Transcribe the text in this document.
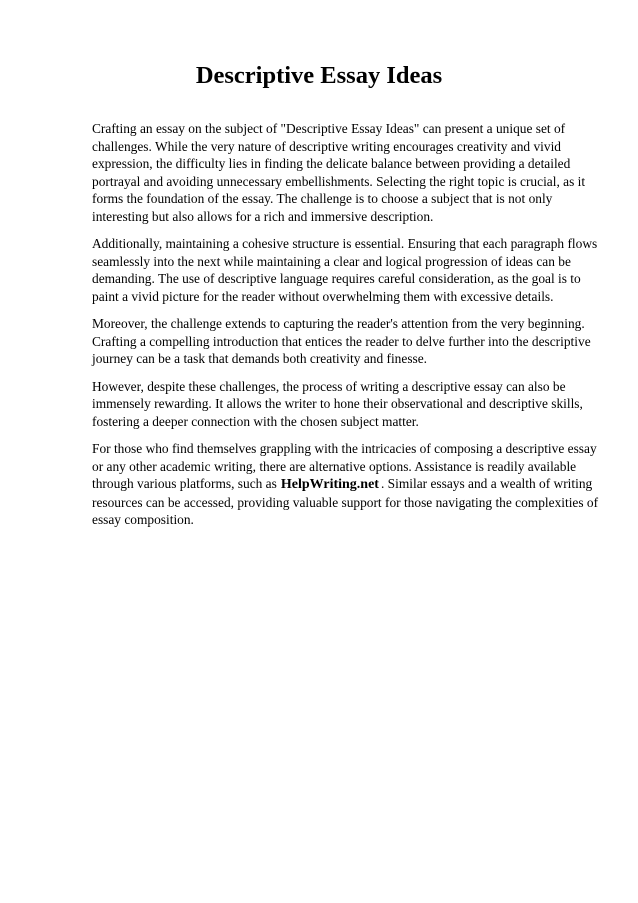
Descriptive Essay Ideas

Crafting an essay on the subject of "Descriptive Essay Ideas" can present a unique set of challenges. While the very nature of descriptive writing encourages creativity and vivid expression, the difficulty lies in finding the delicate balance between providing a detailed portrayal and avoiding unnecessary embellishments. Selecting the right topic is crucial, as it forms the foundation of the essay. The challenge is to choose a subject that is not only interesting but also allows for a rich and immersive description.

Additionally, maintaining a cohesive structure is essential. Ensuring that each paragraph flows seamlessly into the next while maintaining a clear and logical progression of ideas can be demanding. The use of descriptive language requires careful consideration, as the goal is to paint a vivid picture for the reader without overwhelming them with excessive details.

Moreover, the challenge extends to capturing the reader's attention from the very beginning. Crafting a compelling introduction that entices the reader to delve further into the descriptive journey can be a task that demands both creativity and finesse.

However, despite these challenges, the process of writing a descriptive essay can also be immensely rewarding. It allows the writer to hone their observational and descriptive skills, fostering a deeper connection with the chosen subject matter.

For those who find themselves grappling with the intricacies of composing a descriptive essay or any other academic writing, there are alternative options. Assistance is readily available through various platforms, such as HelpWriting.net . Similar essays and a wealth of writing resources can be accessed, providing valuable support for those navigating the complexities of essay composition.
